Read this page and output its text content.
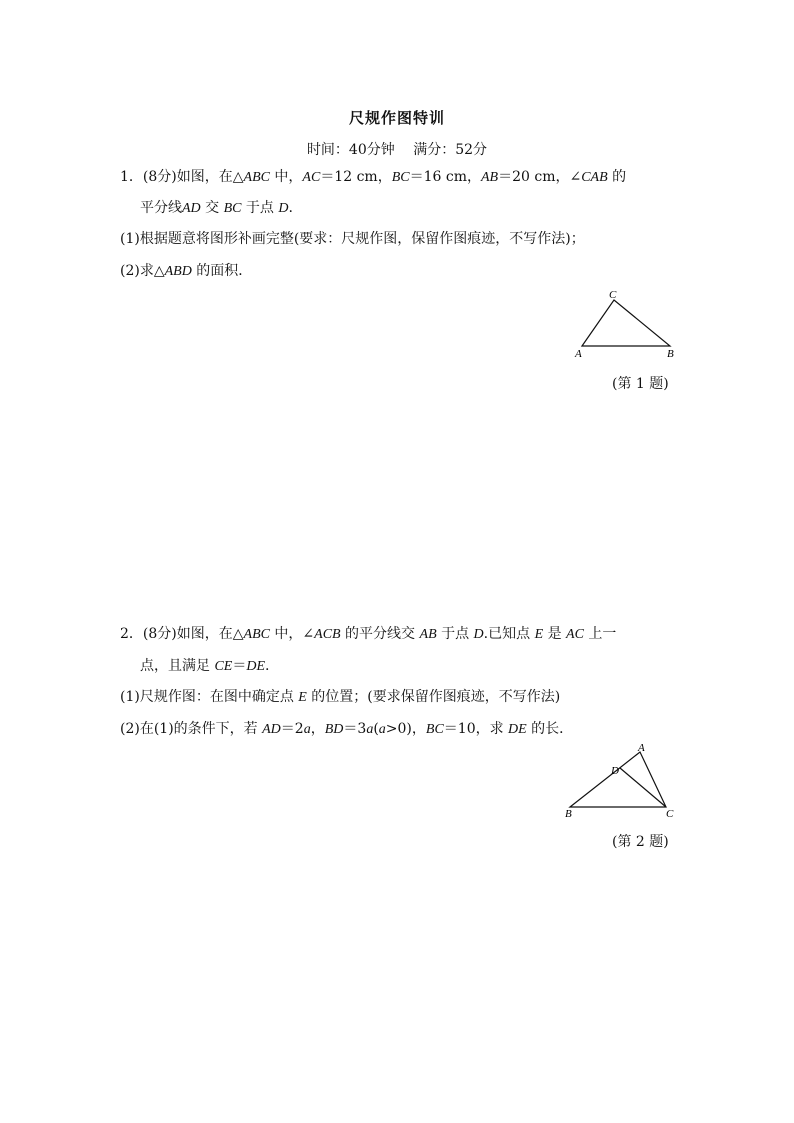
尺规作图特训
时间：40分钟 满分：52分
1．(8分)如图，在△ABC 中，AC＝12 cm，BC＝16 cm，AB＝20 cm，∠CAB 的
平分线AD 交 BC 于点 D.
(1)根据题意将图形补画完整(要求：尺规作图，保留作图痕迹，不写作法)；
(2)求△ABD 的面积．
A	B
C
(第 1 题)
2．(8分)如图，在△ABC 中，∠ACB 的平分线交 AB 于点 D.已知点 E 是 AC 上一
点，且满足 CE＝DE.
(1)尺规作图：在图中确定点 E 的位置；(要求保留作图痕迹，不写作法)
(2)在(1)的条件下，若 AD＝2a，BD＝3a(a>0)，BC＝10，求 DE 的长．
A
B	C
D
(第 2 题)
